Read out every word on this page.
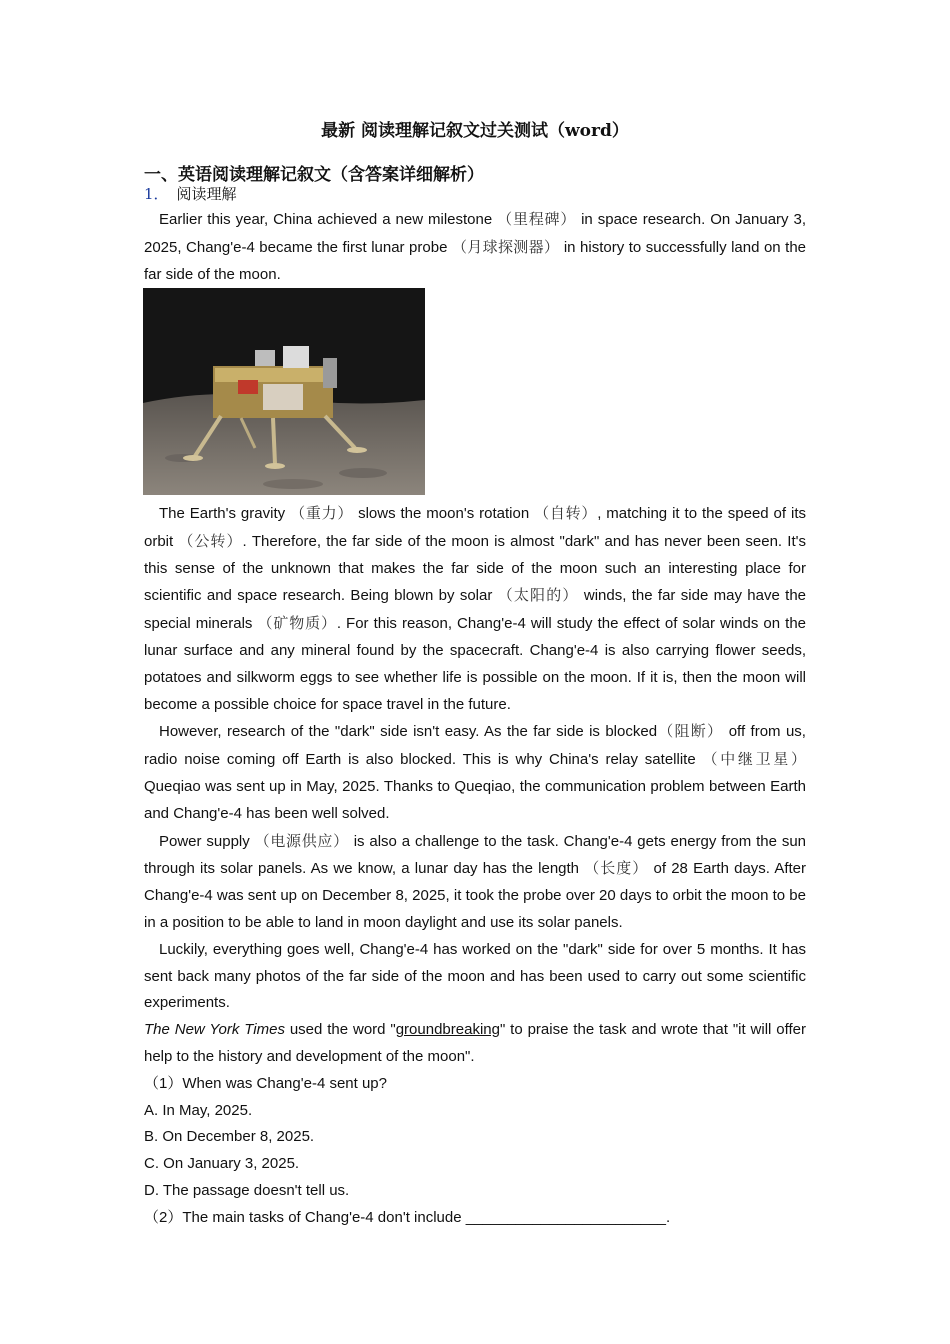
最新 阅读理解记叙文过关测试（word）
一、英语阅读理解记叙文（含答案详细解析）
1． 阅读理解

Earlier this year, China achieved a new milestone （里程碑） in space research. On January 3, 2025, Chang'e-4 became the first lunar probe （月球探测器） in history to successfully land on the far side of the moon.

The Earth's gravity （重力） slows the moon's rotation （自转）, matching it to the speed of its orbit （公转）. Therefore, the far side of the moon is almost "dark" and has never been seen. It's this sense of the unknown that makes the far side of the moon such an interesting place for scientific and space research. Being blown by solar （太阳的） winds, the far side may have the special minerals （矿物质）. For this reason, Chang'e-4 will study the effect of solar winds on the lunar surface and any mineral found by the spacecraft. Chang'e-4 is also carrying flower seeds, potatoes and silkworm eggs to see whether life is possible on the moon. If it is, then the moon will become a possible choice for space travel in the future.

However, research of the "dark" side isn't easy. As the far side is blocked（阻断） off from us, radio noise coming off Earth is also blocked. This is why China's relay satellite （中继卫星） Queqiao was sent up in May, 2025. Thanks to Queqiao, the communication problem between Earth and Chang'e-4 has been well solved.

Power supply （电源供应） is also a challenge to the task. Chang'e-4 gets energy from the sun through its solar panels. As we know, a lunar day has the length （长度） of 28 Earth days. After Chang'e-4 was sent up on December 8, 2025, it took the probe over 20 days to orbit the moon to be in a position to be able to land in moon daylight and use its solar panels.

Luckily, everything goes well, Chang'e-4 has worked on the "dark" side for over 5 months. It has sent back many photos of the far side of the moon and has been used to carry out some scientific experiments.

The New York Times used the word "groundbreaking" to praise the task and wrote that "it will offer help to the history and development of the moon".

（1）When was Chang'e-4 sent up?

A. In May, 2025.

B. On December 8, 2025.

C. On January 3, 2025.

D. The passage doesn't tell us.

（2）The main tasks of Chang'e-4 don't include ________________________.
